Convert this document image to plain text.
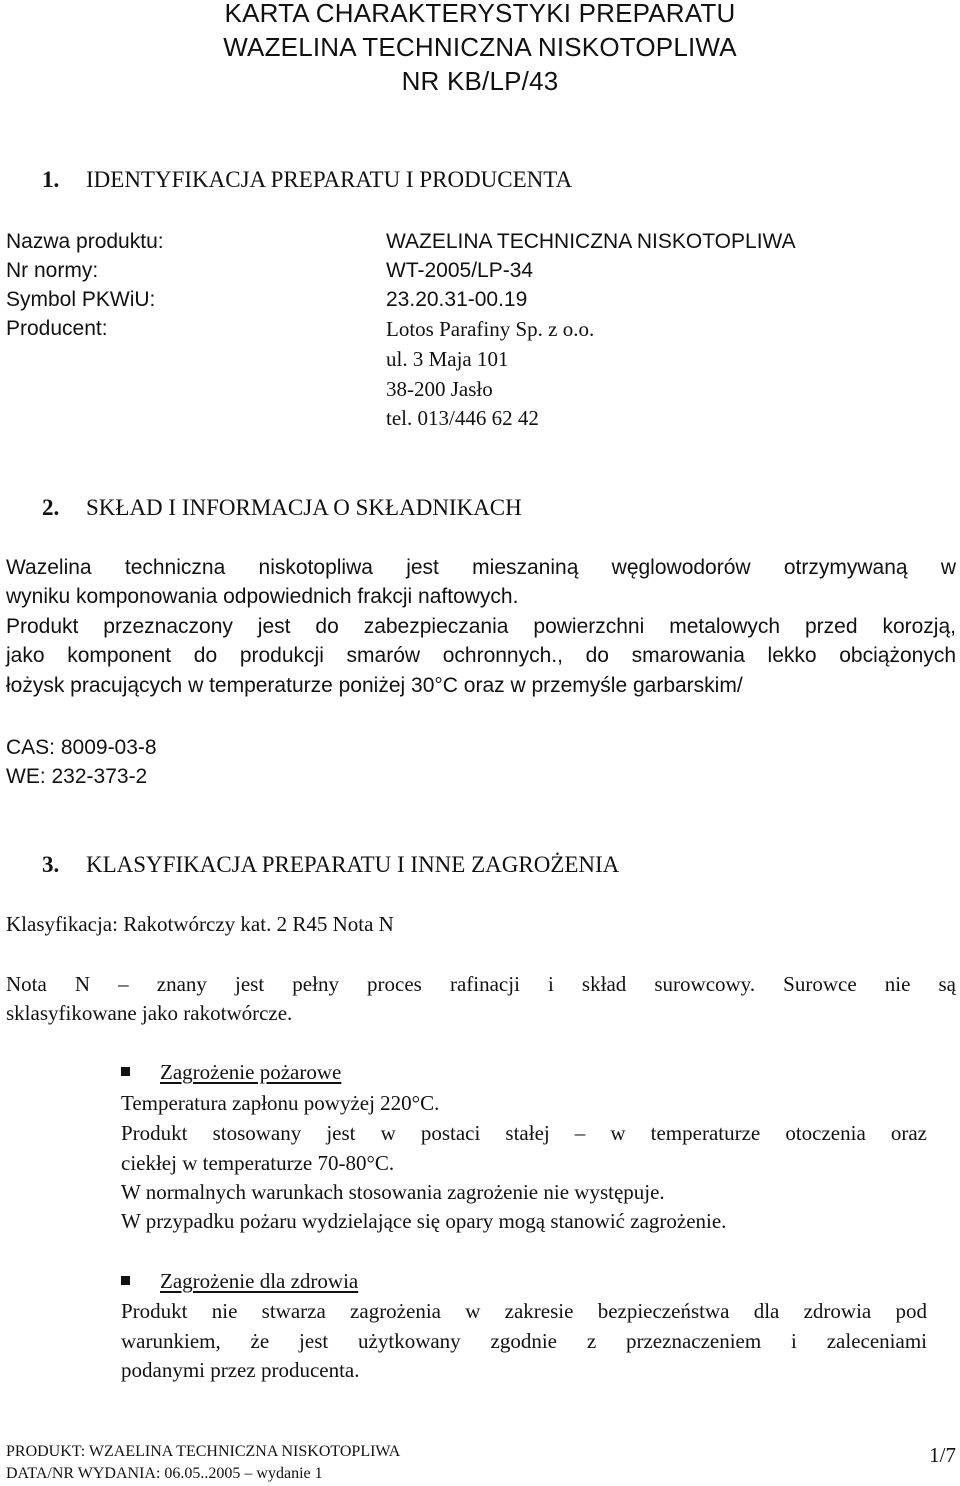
KARTA CHARAKTERYSTYKI PREPARATU
WAZELINA TECHNICZNA NISKOTOPLIWA
NR KB/LP/43
1. IDENTYFIKACJA PREPARATU I PRODUCENTA
Nazwa produktu:	WAZELINA TECHNICZNA NISKOTOPLIWA
Nr normy:	WT-2005/LP-34
Symbol PKWiU:	23.20.31-00.19
Producent:	Lotos Parafiny Sp. z o.o.
ul. 3 Maja 101
38-200 Jasło
tel. 013/446 62 42
2. SKŁAD I INFORMACJA O SKŁADNIKACH
Wazelina techniczna niskotopliwa jest mieszaniną węglowodorów otrzymywaną w
wyniku komponowania odpowiednich frakcji naftowych.
Produkt przeznaczony jest do zabezpieczania powierzchni metalowych przed korozją,
jako komponent do produkcji smarów ochronnych., do smarowania lekko obciążonych
łożysk pracujących w temperaturze poniżej 30°C oraz w przemyśle garbarskim/
CAS: 8009-03-8
WE: 232-373-2
3. KLASYFIKACJA PREPARATU I INNE ZAGROŻENIA
Klasyfikacja: Rakotwórczy kat. 2 R45 Nota N
Nota N – znany jest pełny proces rafinacji i skład surowcowy. Surowce nie są
sklasyfikowane jako rakotwórcze.
Zagrożenie pożarowe
Temperatura zapłonu powyżej 220°C.
Produkt stosowany jest w postaci stałej – w temperaturze otoczenia oraz
ciekłej w temperaturze 70-80°C.
W normalnych warunkach stosowania zagrożenie nie występuje.
W przypadku pożaru wydzielające się opary mogą stanowić zagrożenie.
Zagrożenie dla zdrowia
Produkt nie stwarza zagrożenia w zakresie bezpieczeństwa dla zdrowia pod
warunkiem, że jest użytkowany zgodnie z przeznaczeniem i zaleceniami
podanymi przez producenta.
PRODUKT: WZAELINA TECHNICZNA NISKOTOPLIWA
DATA/NR WYDANIA: 06.05..2005 – wydanie 1
1/7
